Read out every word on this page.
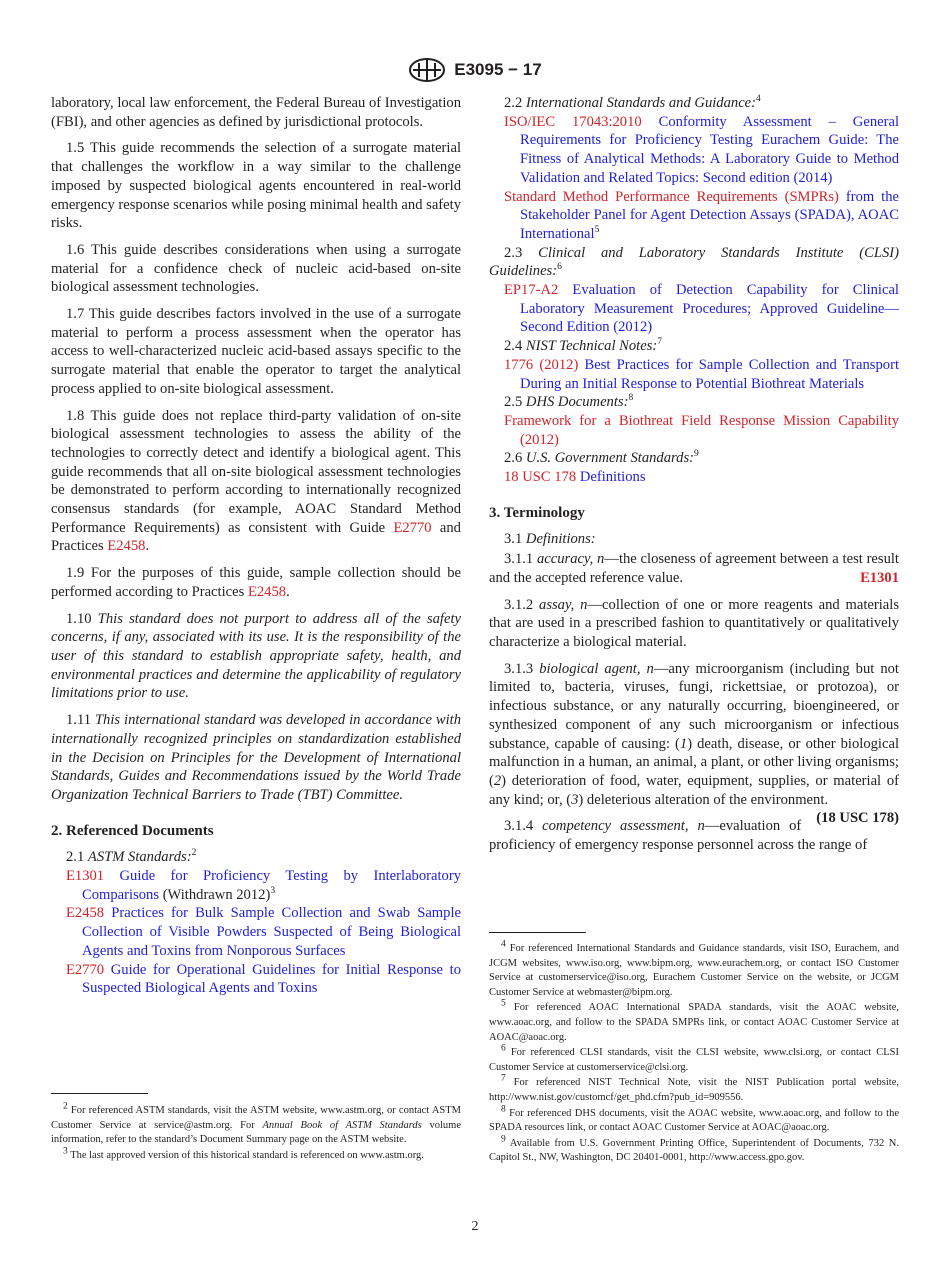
E3095 − 17

laboratory, local law enforcement, the Federal Bureau of Investigation (FBI), and other agencies as defined by jurisdictional protocols.

1.5 This guide recommends the selection of a surrogate material that challenges the workflow in a way similar to the challenge imposed by suspected biological agents encountered in real-world emergency response scenarios while posing minimal health and safety risks.

1.6 This guide describes considerations when using a surrogate material for a confidence check of nucleic acid-based on-site biological assessment technologies.

1.7 This guide describes factors involved in the use of a surrogate material to perform a process assessment when the operator has access to well-characterized nucleic acid-based assays specific to the surrogate material that enable the operator to target the analytical process applied to on-site biological assessment.

1.8 This guide does not replace third-party validation of on-site biological assessment technologies to assess the ability of the technologies to correctly detect and identify a biological agent. This guide recommends that all on-site biological assessment technologies be demonstrated to perform according to internationally recognized consensus standards (for example, AOAC Standard Method Performance Requirements) as consistent with Guide E2770 and Practices E2458.

1.9 For the purposes of this guide, sample collection should be performed according to Practices E2458.

1.10 This standard does not purport to address all of the safety concerns, if any, associated with its use. It is the responsibility of the user of this standard to establish appropriate safety, health, and environmental practices and determine the applicability of regulatory limitations prior to use.

1.11 This international standard was developed in accordance with internationally recognized principles on standardization established in the Decision on Principles for the Development of International Standards, Guides and Recommendations issued by the World Trade Organization Technical Barriers to Trade (TBT) Committee.

2. Referenced Documents

2.1 ASTM Standards:$^2$

E1301 Guide for Proficiency Testing by Interlaboratory Comparisons (Withdrawn 2012)$^3$

E2458 Practices for Bulk Sample Collection and Swab Sample Collection of Visible Powders Suspected of Being Biological Agents and Toxins from Nonporous Surfaces

E2770 Guide for Operational Guidelines for Initial Response to Suspected Biological Agents and Toxins

2 For referenced ASTM standards, visit the ASTM website, www.astm.org, or contact ASTM Customer Service at service@astm.org. For Annual Book of ASTM Standards volume information, refer to the standard’s Document Summary page on the ASTM website.

3 The last approved version of this historical standard is referenced on www.astm.org.

2.2 International Standards and Guidance:$^4$

ISO/IEC 17043:2010 Conformity Assessment – General Requirements for Proficiency Testing Eurachem Guide: The Fitness of Analytical Methods: A Laboratory Guide to Method Validation and Related Topics: Second edition (2014)

Standard Method Performance Requirements (SMPRs) from the Stakeholder Panel for Agent Detection Assays (SPADA), AOAC International$^5$

2.3 Clinical and Laboratory Standards Institute (CLSI) Guidelines:$^6$

EP17-A2 Evaluation of Detection Capability for Clinical Laboratory Measurement Procedures; Approved Guideline—Second Edition (2012)

2.4 NIST Technical Notes:$^7$

1776 (2012) Best Practices for Sample Collection and Transport During an Initial Response to Potential Biothreat Materials

2.5 DHS Documents:$^8$

Framework for a Biothreat Field Response Mission Capability (2012)

2.6 U.S. Government Standards:$^9$

18 USC 178 Definitions

3. Terminology

3.1 Definitions:

3.1.1 accuracy, n—the closeness of agreement between a test result and the accepted reference value.	E1301

3.1.2 assay, n—collection of one or more reagents and materials that are used in a prescribed fashion to quantitatively or qualitatively characterize a biological material.

3.1.3 biological agent, n—any microorganism (including but not limited to, bacteria, viruses, fungi, rickettsiae, or protozoa), or infectious substance, or any naturally occurring, bioengineered, or synthesized component of any such microorganism or infectious substance, capable of causing: (1) death, disease, or other biological malfunction in a human, an animal, a plant, or other living organisms; (2) deterioration of food, water, equipment, supplies, or material of any kind; or, (3) deleterious alteration of the environment.
(18 USC 178)

3.1.4 competency assessment, n—evaluation of proficiency of emergency response personnel across the range of

4 For referenced International Standards and Guidance standards, visit ISO, Eurachem, and JCGM websites, www.iso.org, www.bipm.org, www.eurachem.org, or contact ISO Customer Service at customerservice@iso.org, Eurachem Customer Service on the website, or JCGM Customer Service at webmaster@bipm.org.

5 For referenced AOAC International SPADA standards, visit the AOAC website, www.aoac.org, and follow to the SPADA SMPRs link, or contact AOAC Customer Service at AOAC@aoac.org.

6 For referenced CLSI standards, visit the CLSI website, www.clsi.org, or contact CLSI Customer Service at customerservice@clsi.org.

7 For referenced NIST Technical Note, visit the NIST Publication portal website, http://www.nist.gov/customcf/get_phd.cfm?pub_id=909556.

8 For referenced DHS documents, visit the AOAC website, www.aoac.org, and follow to the SPADA resources link, or contact AOAC Customer Service at AOAC@aoac.org.

9 Available from U.S. Government Printing Office, Superintendent of Documents, 732 N. Capitol St., NW, Washington, DC 20401-0001, http://www.access.gpo.gov.

2
